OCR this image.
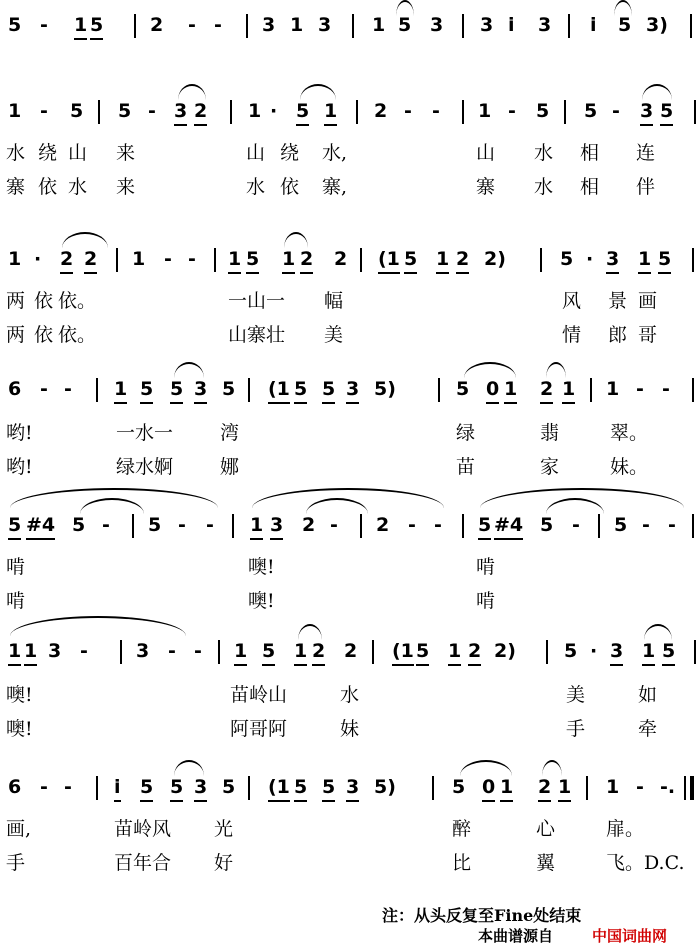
5 - 1 5 2 - - 3 1 3 1 5 3 3 i 3 i 5 3)
1 - 5 5 - 3 2 1 · 5 1 2 - - 1 - 5 5 - 3 5
水 绕 山 来	山 绕 水,	山 水 相 连
寨 依 水 来	水 依 寨,	寨 水 相 伴
1 · 2 2 1 - - 1 5 1 2 2 (1 5 1 2 2)	5 · 3 1 5
两 依 依。	一山一 幅	风 景 画
两 依 依。	山寨壮 美	情 郎 哥
6 - - 1 5 5 3 5 (1 5 5 3 5)	5 0 1 2 1 1 - -
哟!	一水一 湾	绿	翡	翠。
哟!	绿水婀 娜	苗	家	妹。
5 #4 5 - 5 - - 1 3 2 - 2 - - 5 #4 5 - 5 - -
啃	噢!	啃
啃	噢!	啃
1 1 3 -	3 - - 1 5 1 2 2 (1 5 1 2 2)	5 · 3 1 5
噢!	苗岭山	水	美	如
噢!	阿哥阿	妹	手	牵
6 - - i 5 5 3 5 (1 5 5 3 5)	5 0 1 2 1 1 - -.
画,	苗岭风 光	醉	心	扉。
手	百年合 好	比	翼	飞。D.C.
注：从头反复至Fine处结束
本曲谱源自	中国词曲网
